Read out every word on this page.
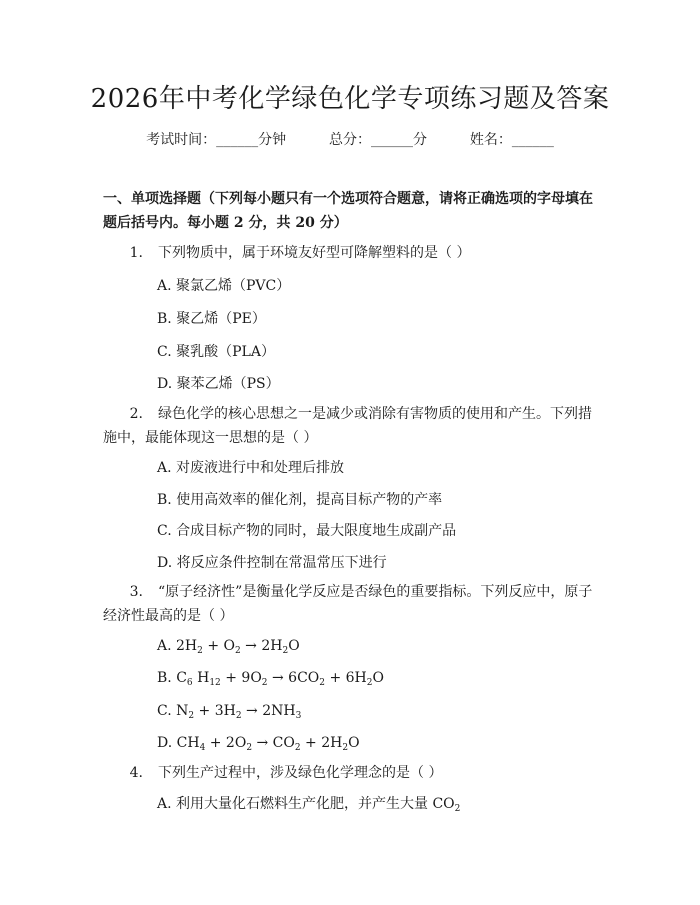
2026年中考化学绿色化学专项练习题及答案
考试时间：______分钟	总分：______分	姓名：______
一、单项选择题（下列每小题只有一个选项符合题意，请将正确选项的字母填在题后括号内。每小题 2 分，共 20 分）
1. 下列物质中，属于环境友好型可降解塑料的是（ ）
A. 聚氯乙烯（PVC）
B. 聚乙烯（PE）
C. 聚乳酸（PLA）
D. 聚苯乙烯（PS）
2. 绿色化学的核心思想之一是减少或消除有害物质的使用和产生。下列措施中，最能体现这一思想的是（ ）
A. 对废液进行中和处理后排放
B. 使用高效率的催化剂，提高目标产物的产率
C. 合成目标产物的同时，最大限度地生成副产品
D. 将反应条件控制在常温常压下进行
3. “原子经济性”是衡量化学反应是否绿色的重要指标。下列反应中，原子经济性最高的是（ ）
A. $2H_2 + O_2 \to 2H_2O$
B. $C_6$ $H_{12} + 9O_2 \to 6CO_2 + 6H_2O$
C. $N_2 + 3H_2 \to 2NH_3$
D. $CH_4 + 2O_2 \to CO_2 + 2H_2O$
4. 下列生产过程中，涉及绿色化学理念的是（ ）
A. 利用大量化石燃料生产化肥，并产生大量 $CO_2$
